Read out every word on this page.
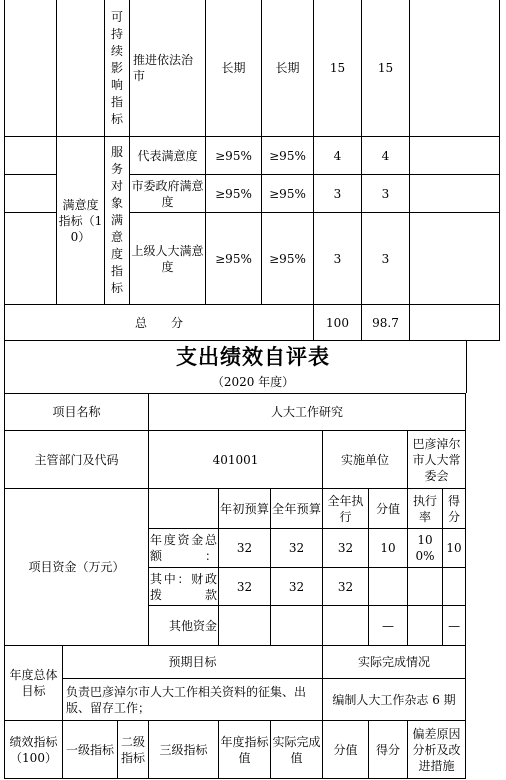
		可持续影响指标	推进依法治市	长期	长期	15	15	
	满意度指标（10）	服务对象满意度指标	代表满意度	≥95%	≥95%	4	4	
			市委政府满意度	≥95%	≥95%	3	3	
			上级人大满意度	≥95%	≥95%	3	3	
总　　分						100	98.7	
支出绩效自评表
（2020 年度）
项目名称			人大工作研究						
主管部门及代码			401001			实施单位		巴彦淖尔市人大常委会	
项目资金（万元）				年初预算	全年预算	全年执行	分值	执行率	得分
			年度资金总额：	32	32	32	10	100%	10
			其中：财政拨款	32	32	32			
			其他资金				—		—
年度总体目标	预期目标					实际完成情况			
	负责巴彦淖尔市人大工作相关资料的征集、出版、留存工作；					编制人大工作杂志 6 期			
绩效指标（100）	一级指标	二级指标	三级指标	年度指标值	实际完成值	分值	得分	偏差原因分析及改进措施	
